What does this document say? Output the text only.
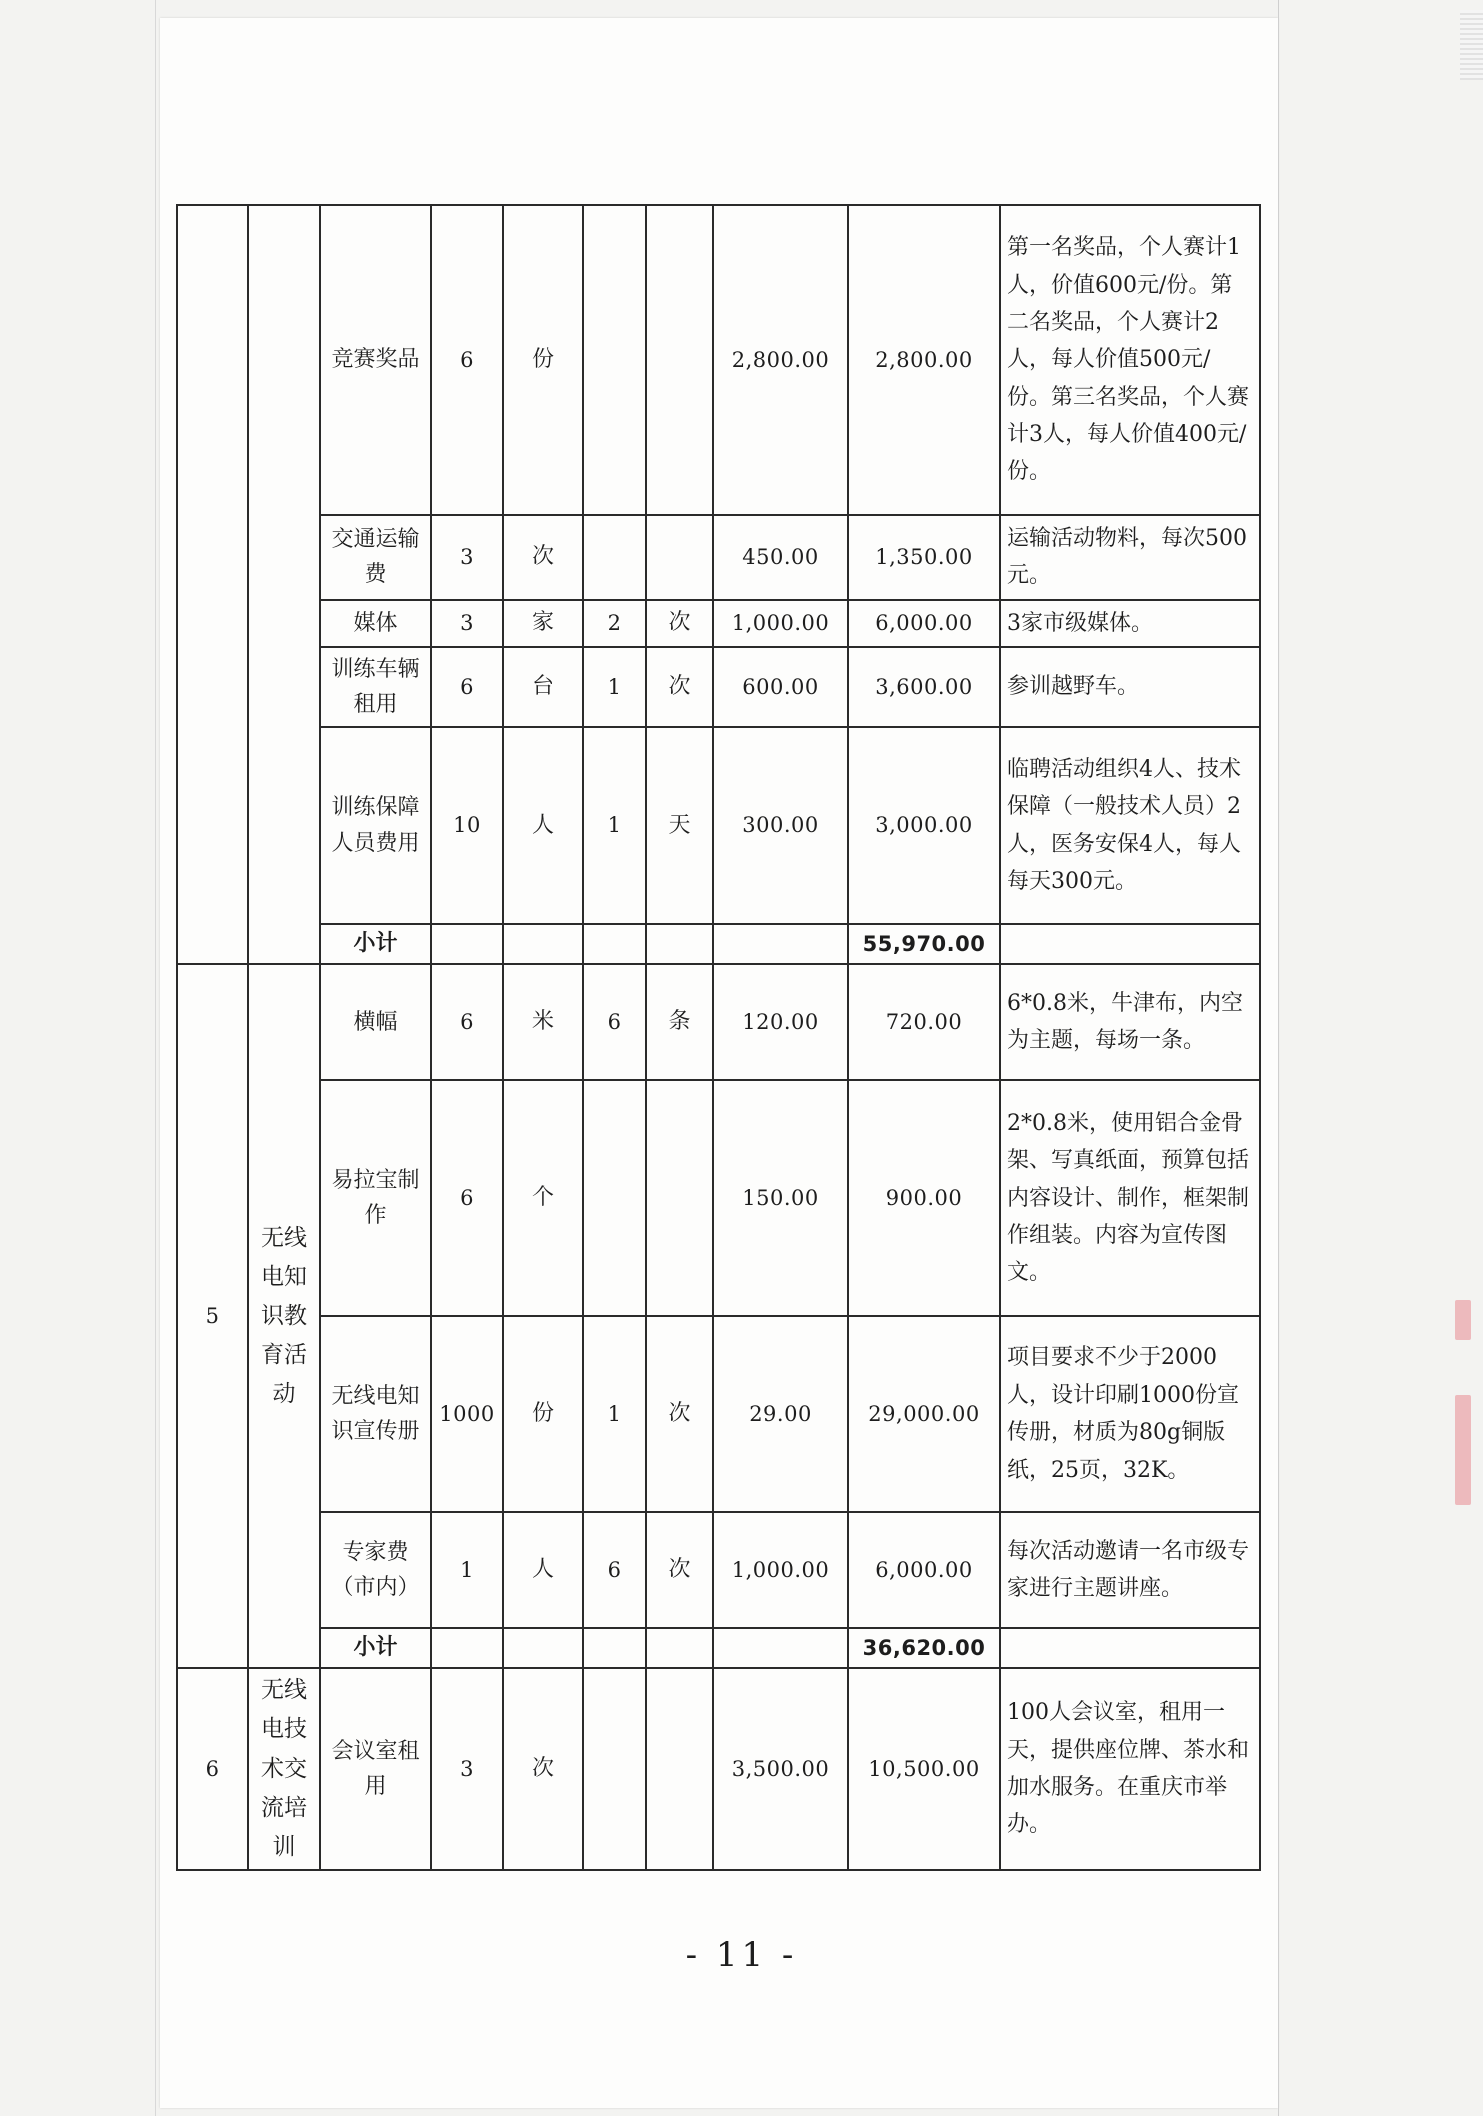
		竞赛奖品	6	份			2,800.00	2,800.00	第一名奖品，个人赛计1人，价值600元/份。第二名奖品，个人赛计2人，每人价值500元/份。第三名奖品，个人赛计3人，每人价值400元/份。
		交通运输费	3	次			450.00	1,350.00	运输活动物料，每次500元。
		媒体	3	家	2	次	1,000.00	6,000.00	3家市级媒体。
		训练车辆租用	6	台	1	次	600.00	3,600.00	参训越野车。
		训练保障人员费用	10	人	1	天	300.00	3,000.00	临聘活动组织4人、技术保障（一般技术人员）2人，医务安保4人，每人每天300元。
		小计						55,970.00	
5	无线电知识教育活动	横幅	6	米	6	条	120.00	720.00	6*0.8米，牛津布，内空为主题，每场一条。
		易拉宝制作	6	个			150.00	900.00	2*0.8米，使用铝合金骨架、写真纸面，预算包括内容设计、制作，框架制作组装。内容为宣传图文。
		无线电知识宣传册	1000	份	1	次	29.00	29,000.00	项目要求不少于2000人，设计印刷1000份宣传册，材质为80g铜版纸，25页，32K。
		专家费（市内）	1	人	6	次	1,000.00	6,000.00	每次活动邀请一名市级专家进行主题讲座。
		小计						36,620.00	
6	无线电技术交流培训	会议室租用	3	次			3,500.00	10,500.00	100人会议室，租用一天，提供座位牌、茶水和加水服务。在重庆市举办。
- 11 -
